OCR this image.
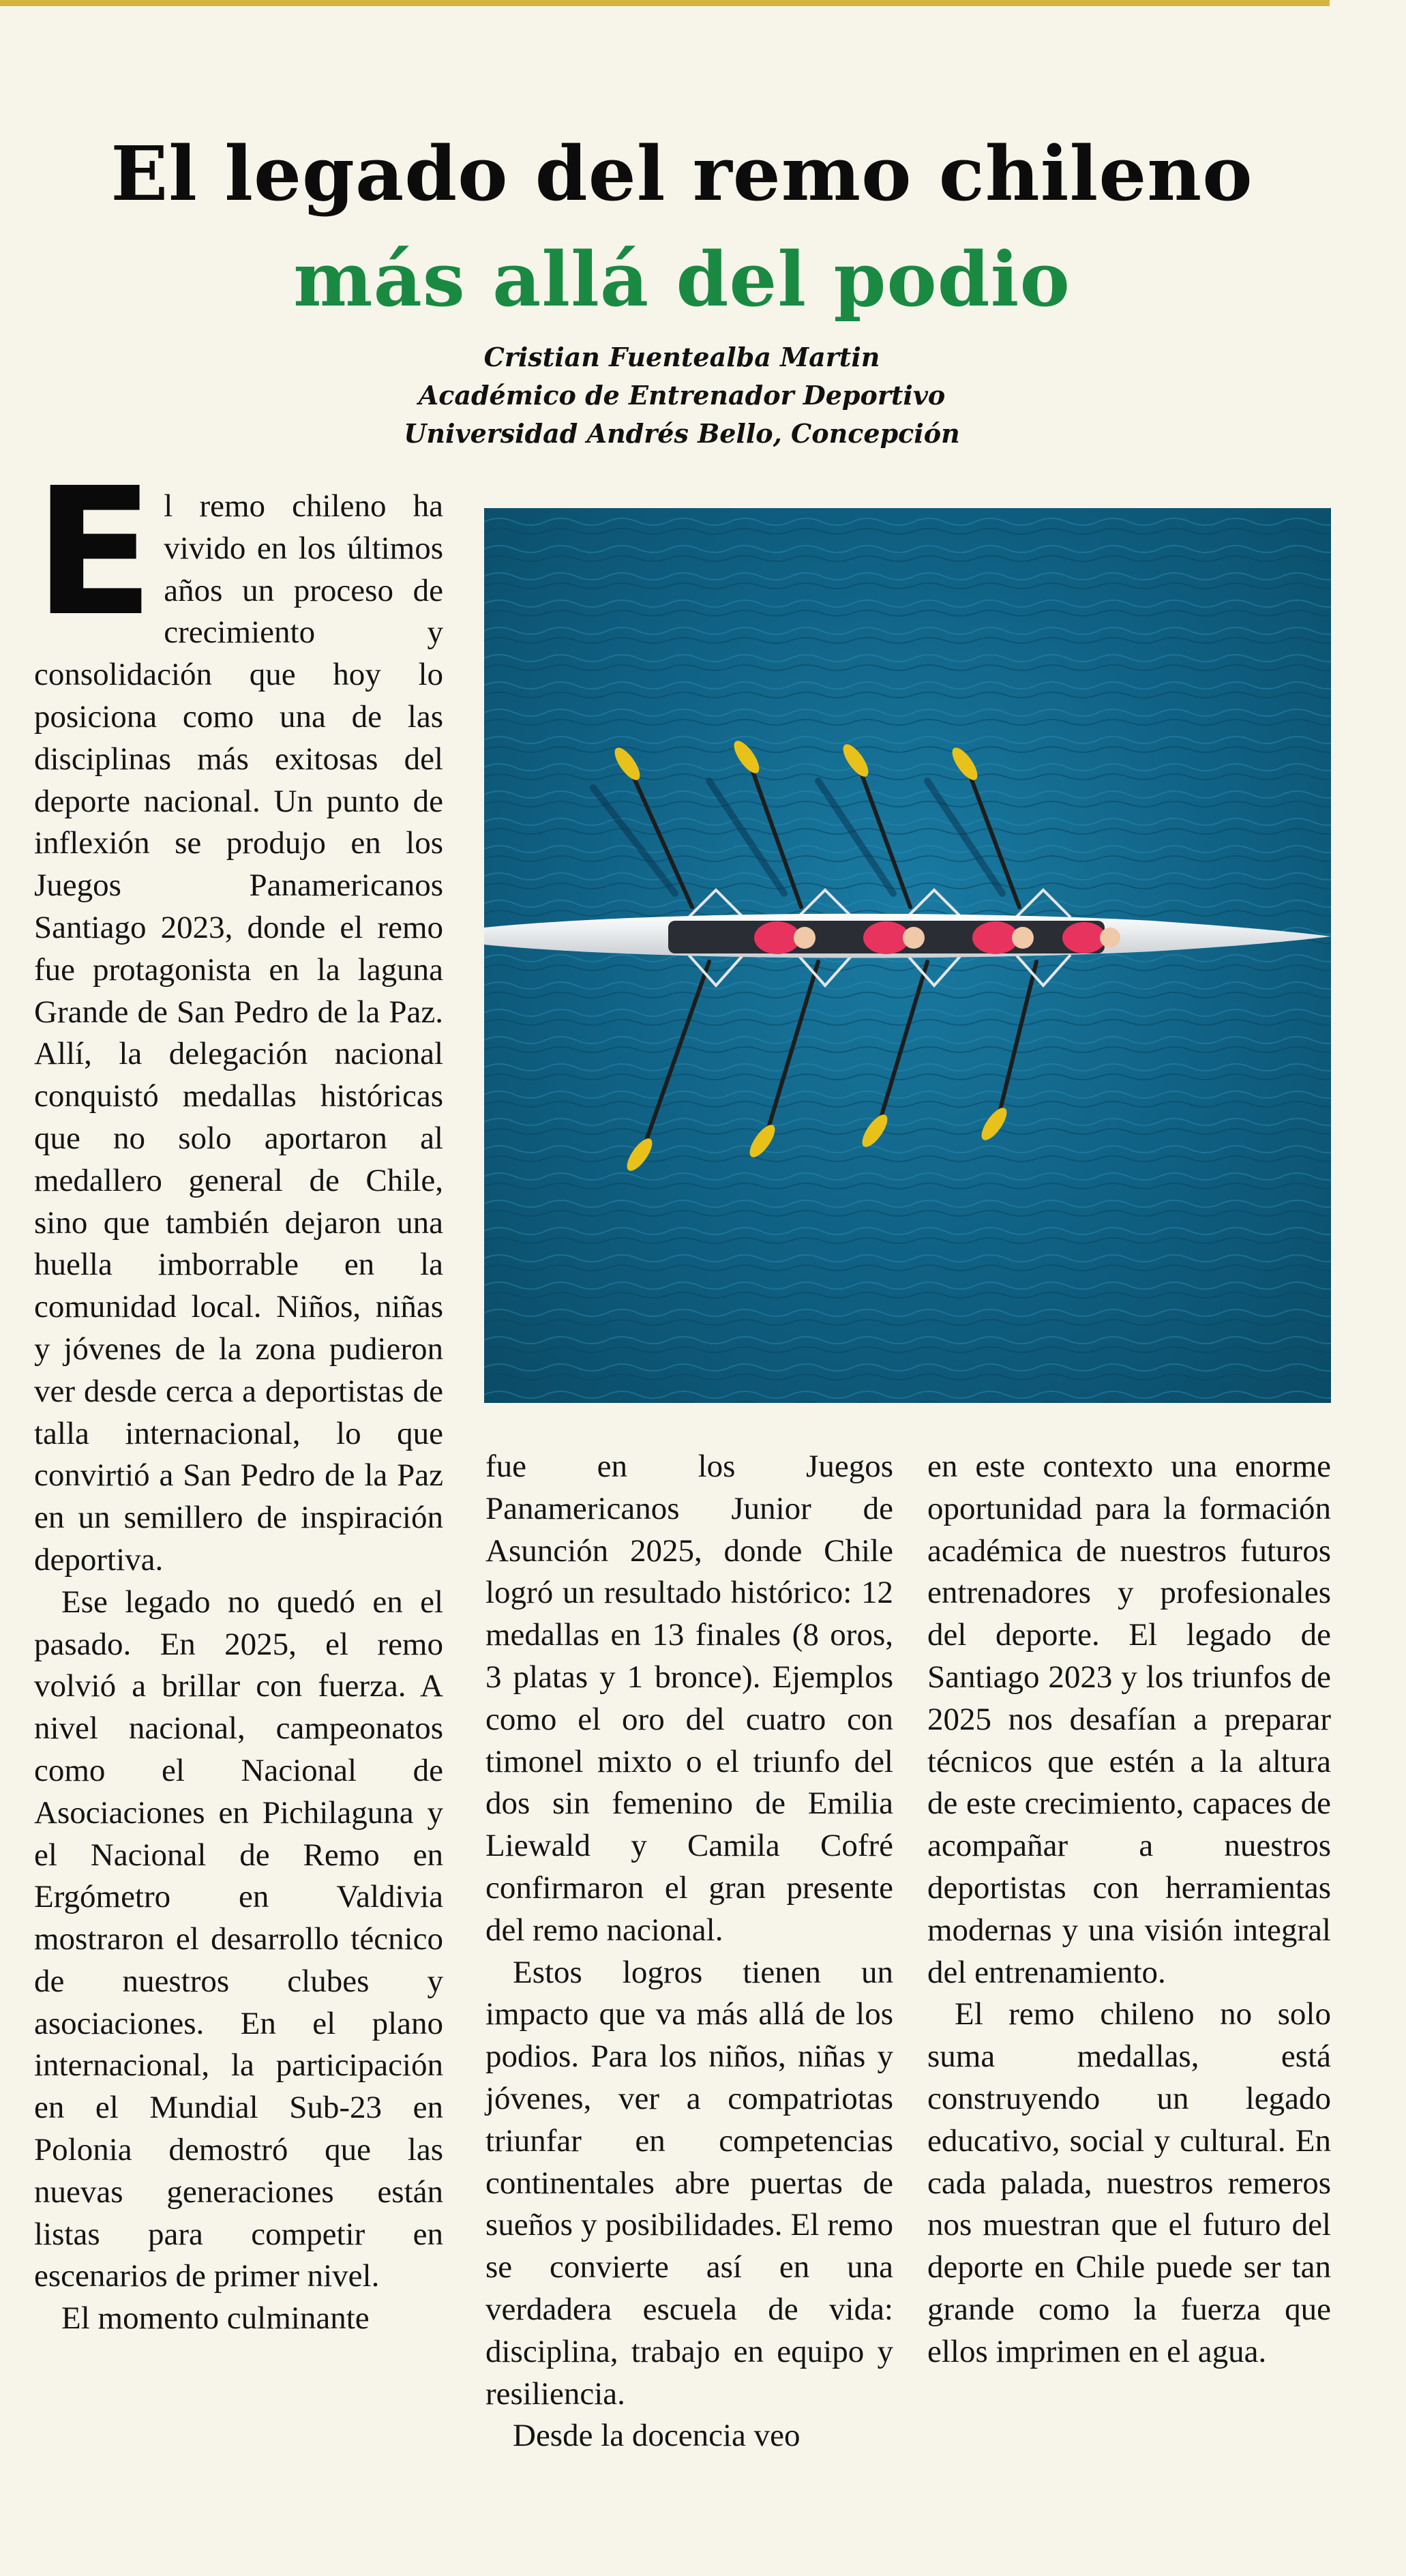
El legado del remo chileno
más allá del podio
Cristian Fuentealba Martin
Académico de Entrenador Deportivo
Universidad Andrés Bello, Concepción

El remo chileno ha vivido en los últimos años un proceso de crecimiento y consolidación que hoy lo posiciona como una de las disciplinas más exitosas del deporte nacional. Un punto de inflexión se produjo en los Juegos Panamericanos Santiago 2023, donde el remo fue protagonista en la laguna Grande de San Pedro de la Paz. Allí, la delegación nacional conquistó medallas históricas que no solo aportaron al medallero general de Chile, sino que también dejaron una huella imborrable en la comunidad local. Niños, niñas y jóvenes de la zona pudieron ver desde cerca a deportistas de talla internacional, lo que convirtió a San Pedro de la Paz en un semillero de inspiración deportiva.

Ese legado no quedó en el pasado. En 2025, el remo volvió a brillar con fuerza. A nivel nacional, campeonatos como el Nacional de Asociaciones en Pichilaguna y el Nacional de Remo en Ergómetro en Valdivia mostraron el desarrollo técnico de nuestros clubes y asociaciones. En el plano internacional, la participación en el Mundial Sub-23 en Polonia demostró que las nuevas generaciones están listas para competir en escenarios de primer nivel.

El momento culminante

fue en los Juegos Panamericanos Junior de Asunción 2025, donde Chile logró un resultado histórico: 12 medallas en 13 finales (8 oros, 3 platas y 1 bronce). Ejemplos como el oro del cuatro con timonel mixto o el triunfo del dos sin femenino de Emilia Liewald y Camila Cofré confirmaron el gran presente del remo nacional.

Estos logros tienen un impacto que va más allá de los podios. Para los niños, niñas y jóvenes, ver a compatriotas triunfar en competencias continentales abre puertas de sueños y posibilidades. El remo se convierte así en una verdadera escuela de vida: disciplina, trabajo en equipo y resiliencia.

Desde la docencia veo

en este contexto una enorme oportunidad para la formación académica de nuestros futuros entrenadores y profesionales del deporte. El legado de Santiago 2023 y los triunfos de 2025 nos desafían a preparar técnicos que estén a la altura de este crecimiento, capaces de acompañar a nuestros deportistas con herramientas modernas y una visión integral del entrenamiento.

El remo chileno no solo suma medallas, está construyendo un legado educativo, social y cultural. En cada palada, nuestros remeros nos muestran que el futuro del deporte en Chile puede ser tan grande como la fuerza que ellos imprimen en el agua.
